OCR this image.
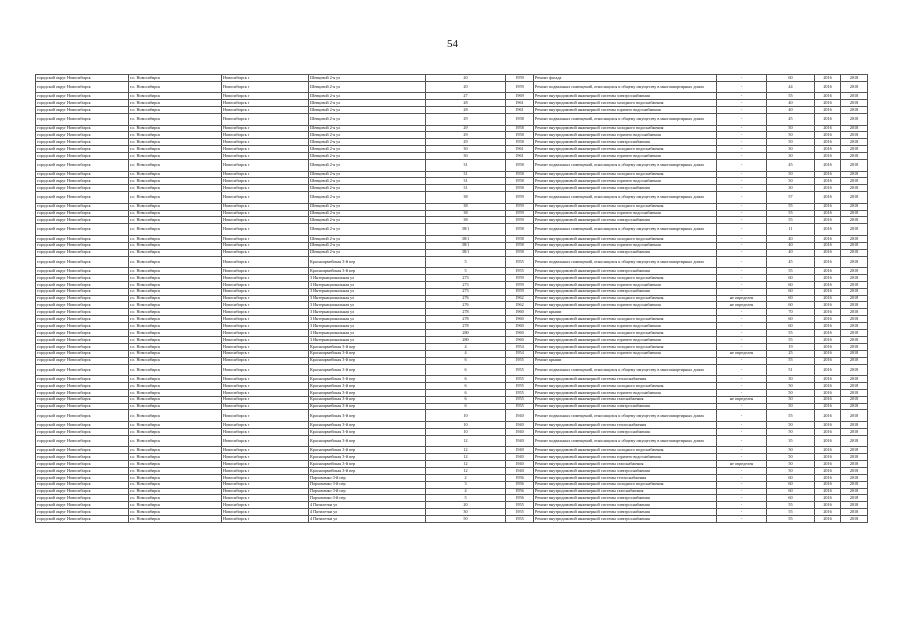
54
городской округ Новосибирск	г.о. Новосибирск	Новосибирск г	Шевцовой 2-я ул	20	1959	Ремонт фасада	-	60	2016	2018
городской округ Новосибирск	г.о. Новосибирск	Новосибирск г	Шевцовой 2-я ул	20	1959	Ремонт подвальных помещений, относящихся к общему имуществу в многоквартирных домах	-	44	2016	2018
городской округ Новосибирск	г.о. Новосибирск	Новосибирск г	Шевцовой 2-я ул	27	1969	Ремонт внутридомовой инженерной системы электроснабжения	-	55	2016	2018
городской округ Новосибирск	г.о. Новосибирск	Новосибирск г	Шевцовой 2-я ул	28	1961	Ремонт внутридомовой инженерной системы холодного водоснабжения	-	40	2016	2018
городской округ Новосибирск	г.о. Новосибирск	Новосибирск г	Шевцовой 2-я ул	28	1961	Ремонт внутридомовой инженерной системы горячего водоснабжения	-	40	2016	2018
городской округ Новосибирск	г.о. Новосибирск	Новосибирск г	Шевцовой 2-я ул	29	1958	Ремонт подвальных помещений, относящихся к общему имуществу в многоквартирных домах	-	45	2016	2018
городской округ Новосибирск	г.о. Новосибирск	Новосибирск г	Шевцовой 2-я ул	29	1958	Ремонт внутридомовой инженерной системы холодного водоснабжения	-	50	2016	2018
городской округ Новосибирск	г.о. Новосибирск	Новосибирск г	Шевцовой 2-я ул	29	1958	Ремонт внутридомовой инженерной системы горячего водоснабжения	-	50	2016	2018
городской округ Новосибирск	г.о. Новосибирск	Новосибирск г	Шевцовой 2-я ул	29	1958	Ремонт внутридомовой инженерной системы электроснабжения	-	50	2016	2018
городской округ Новосибирск	г.о. Новосибирск	Новосибирск г	Шевцовой 2-я ул	30	1961	Ремонт внутридомовой инженерной системы холодного водоснабжения	-	30	2016	2018
городской округ Новосибирск	г.о. Новосибирск	Новосибирск г	Шевцовой 2-я ул	30	1961	Ремонт внутридомовой инженерной системы горячего водоснабжения	-	30	2016	2018
городской округ Новосибирск	г.о. Новосибирск	Новосибирск г	Шевцовой 2-я ул	31	1958	Ремонт подвальных помещений, относящихся к общему имуществу в многоквартирных домах	-	45	2016	2018
городской округ Новосибирск	г.о. Новосибирск	Новосибирск г	Шевцовой 2-я ул	31	1958	Ремонт внутридомовой инженерной системы холодного водоснабжения	-	50	2016	2018
городской округ Новосибирск	г.о. Новосибирск	Новосибирск г	Шевцовой 2-я ул	31	1958	Ремонт внутридомовой инженерной системы горячего водоснабжения	-	50	2016	2018
городской округ Новосибирск	г.о. Новосибирск	Новосибирск г	Шевцовой 2-я ул	31	1958	Ремонт внутридомовой инженерной системы электроснабжения	-	30	2016	2018
городской округ Новосибирск	г.о. Новосибирск	Новосибирск г	Шевцовой 2-я ул	38	1959	Ремонт подвальных помещений, относящихся к общему имуществу в многоквартирных домах	-	57	2016	2018
городской округ Новосибирск	г.о. Новосибирск	Новосибирск г	Шевцовой 2-я ул	38	1959	Ремонт внутридомовой инженерной системы холодного водоснабжения	-	55	2016	2018
городской округ Новосибирск	г.о. Новосибирск	Новосибирск г	Шевцовой 2-я ул	38	1959	Ремонт внутридомовой инженерной системы горячего водоснабжения	-	55	2016	2018
городской округ Новосибирск	г.о. Новосибирск	Новосибирск г	Шевцовой 2-я ул	38	1959	Ремонт внутридомовой инженерной системы электроснабжения	-	55	2016	2018
городской округ Новосибирск	г.о. Новосибирск	Новосибирск г	Шевцовой 2-я ул	38/1	1958	Ремонт подвальных помещений, относящихся к общему имуществу в многоквартирных домах	-	11	2016	2018
городской округ Новосибирск	г.о. Новосибирск	Новосибирск г	Шевцовой 2-я ул	38/1	1958	Ремонт внутридомовой инженерной системы холодного водоснабжения	-	40	2016	2018
городской округ Новосибирск	г.о. Новосибирск	Новосибирск г	Шевцовой 2-я ул	38/1	1958	Ремонт внутридомовой инженерной системы горячего водоснабжения	-	40	2016	2018
городской округ Новосибирск	г.о. Новосибирск	Новосибирск г	Шевцовой 2-я ул	38/1	1958	Ремонт внутридомовой инженерной системы электроснабжения	-	40	2016	2018
городской округ Новосибирск	г.о. Новосибирск	Новосибирск г	Красноармейская 3-й пер	5	1955	Ремонт подвальных помещений, относящихся к общему имуществу в многоквартирных домах	-	45	2016	2018
городской округ Новосибирск	г.о. Новосибирск	Новосибирск г	Красноармейская 3-й пер	5	1955	Ремонт внутридомовой инженерной системы электроснабжения	-	55	2016	2018
городской округ Новосибирск	г.о. Новосибирск	Новосибирск г	3 Интернациональная ул	273	1959	Ремонт внутридомовой инженерной системы холодного водоснабжения	-	60	2016	2018
городской округ Новосибирск	г.о. Новосибирск	Новосибирск г	3 Интернациональная ул	273	1959	Ремонт внутридомовой инженерной системы горячего водоснабжения	-	60	2016	2018
городской округ Новосибирск	г.о. Новосибирск	Новосибирск г	3 Интернациональная ул	273	1959	Ремонт внутридомовой инженерной системы электроснабжения	-	60	2016	2018
городской округ Новосибирск	г.о. Новосибирск	Новосибирск г	3 Интернациональная ул	276	1962	Ремонт внутридомовой инженерной системы холодного водоснабжения	не определен	60	2016	2018
городской округ Новосибирск	г.о. Новосибирск	Новосибирск г	3 Интернациональная ул	276	1962	Ремонт внутридомовой инженерной системы горячего водоснабжения	не определен	60	2016	2018
городской округ Новосибирск	г.о. Новосибирск	Новосибирск г	3 Интернациональная ул	278	1960	Ремонт крыши	-	70	2016	2018
городской округ Новосибирск	г.о. Новосибирск	Новосибирск г	3 Интернациональная ул	278	1960	Ремонт внутридомовой инженерной системы холодного водоснабжения	-	60	2016	2018
городской округ Новосибирск	г.о. Новосибирск	Новосибирск г	3 Интернациональная ул	278	1960	Ремонт внутридомовой инженерной системы горячего водоснабжения	-	60	2016	2018
городской округ Новосибирск	г.о. Новосибирск	Новосибирск г	3 Интернациональная ул	280	1960	Ремонт внутридомовой инженерной системы холодного водоснабжения	-	55	2016	2018
городской округ Новосибирск	г.о. Новосибирск	Новосибирск г	3 Интернациональная ул	280	1960	Ремонт внутридомовой инженерной системы горячего водоснабжения	-	55	2016	2018
городской округ Новосибирск	г.о. Новосибирск	Новосибирск г	Красноармейская 3-й пер	4	1954	Ремонт внутридомовой инженерной системы холодного водоснабжения	-	19	2016	2018
городской округ Новосибирск	г.о. Новосибирск	Новосибирск г	Красноармейская 3-й пер	4	1954	Ремонт внутридомовой инженерной системы горячего водоснабжения	не определен	25	2016	2018
городской округ Новосибирск	г.о. Новосибирск	Новосибирск г	Красноармейская 3-й пер	6	1955	Ремонт крыши	-	55	2016	2018
городской округ Новосибирск	г.о. Новосибирск	Новосибирск г	Красноармейская 3-й пер	6	1955	Ремонт подвальных помещений, относящихся к общему имуществу в многоквартирных домах	-	51	2016	2018
городской округ Новосибирск	г.о. Новосибирск	Новосибирск г	Красноармейская 3-й пер	6	1955	Ремонт внутридомовой инженерной системы теплоснабжения	-	30	2016	2018
городской округ Новосибирск	г.о. Новосибирск	Новосибирск г	Красноармейская 3-й пер	6	1955	Ремонт внутридомовой инженерной системы холодного водоснабжения	-	50	2016	2018
городской округ Новосибирск	г.о. Новосибирск	Новосибирск г	Красноармейская 3-й пер	6	1955	Ремонт внутридомовой инженерной системы горячего водоснабжения	-	50	2016	2018
городской округ Новосибирск	г.о. Новосибирск	Новосибирск г	Красноармейская 3-й пер	6	1955	Ремонт внутридомовой инженерной системы газоснабжения	не определен	50	2016	2018
городской округ Новосибирск	г.о. Новосибирск	Новосибирск г	Красноармейская 3-й пер	6	1955	Ремонт внутридомовой инженерной системы электроснабжения	-	50	2016	2018
городской округ Новосибирск	г.о. Новосибирск	Новосибирск г	Красноармейская 3-й пер	10	1940	Ремонт подвальных помещений, относящихся к общему имуществу в многоквартирных домах	-	55	2016	2018
городской округ Новосибирск	г.о. Новосибирск	Новосибирск г	Красноармейская 3-й пер	10	1940	Ремонт внутридомовой инженерной системы теплоснабжения	-	50	2016	2018
городской округ Новосибирск	г.о. Новосибирск	Новосибирск г	Красноармейская 3-й пер	10	1940	Ремонт внутридомовой инженерной системы электроснабжения	-	50	2016	2018
городской округ Новосибирск	г.о. Новосибирск	Новосибирск г	Красноармейская 3-й пер	12	1940	Ремонт подвальных помещений, относящихся к общему имуществу в многоквартирных домах	-	35	2016	2018
городской округ Новосибирск	г.о. Новосибирск	Новосибирск г	Красноармейская 3-й пер	12	1940	Ремонт внутридомовой инженерной системы холодного водоснабжения	-	50	2016	2018
городской округ Новосибирск	г.о. Новосибирск	Новосибирск г	Красноармейская 3-й пер	12	1940	Ремонт внутридомовой инженерной системы горячего водоснабжения	-	50	2016	2018
городской округ Новосибирск	г.о. Новосибирск	Новосибирск г	Красноармейская 3-й пер	12	1940	Ремонт внутридомовой инженерной системы газоснабжения	не определен	50	2016	2018
городской округ Новосибирск	г.о. Новосибирск	Новосибирск г	Красноармейская 3-й пер	12	1940	Ремонт внутридомовой инженерной системы электроснабжения	-	50	2016	2018
городской округ Новосибирск	г.о. Новосибирск	Новосибирск г	Пархоменко 3-й пер	2	1956	Ремонт внутридомовой инженерной системы теплоснабжения	-	60	2016	2018
городской округ Новосибирск	г.о. Новосибирск	Новосибирск г	Пархоменко 3-й пер	3	1956	Ремонт внутридомовой инженерной системы холодного водоснабжения	-	60	2016	2018
городской округ Новосибирск	г.о. Новосибирск	Новосибирск г	Пархоменко 3-й пер	4	1956	Ремонт внутридомовой инженерной системы газоснабжения	-	60	2016	2018
городской округ Новосибирск	г.о. Новосибирск	Новосибирск г	Пархоменко 3-й пер	5	1956	Ремонт внутридомовой инженерной системы электроснабжения	-	60	2016	2018
городской округ Новосибирск	г.о. Новосибирск	Новосибирск г	4 Пятилетки ул	20	1955	Ремонт внутридомовой инженерной системы электроснабжения	-	55	2016	2018
городской округ Новосибирск	г.о. Новосибирск	Новосибирск г	4 Пятилетки ул	30	1955	Ремонт внутридомовой инженерной системы электроснабжения	-	55	2016	2018
городской округ Новосибирск	г.о. Новосибирск	Новосибирск г	4 Пятилетки ул	50	1955	Ремонт внутридомовой инженерной системы электроснабжения	-	55	2016	2018
